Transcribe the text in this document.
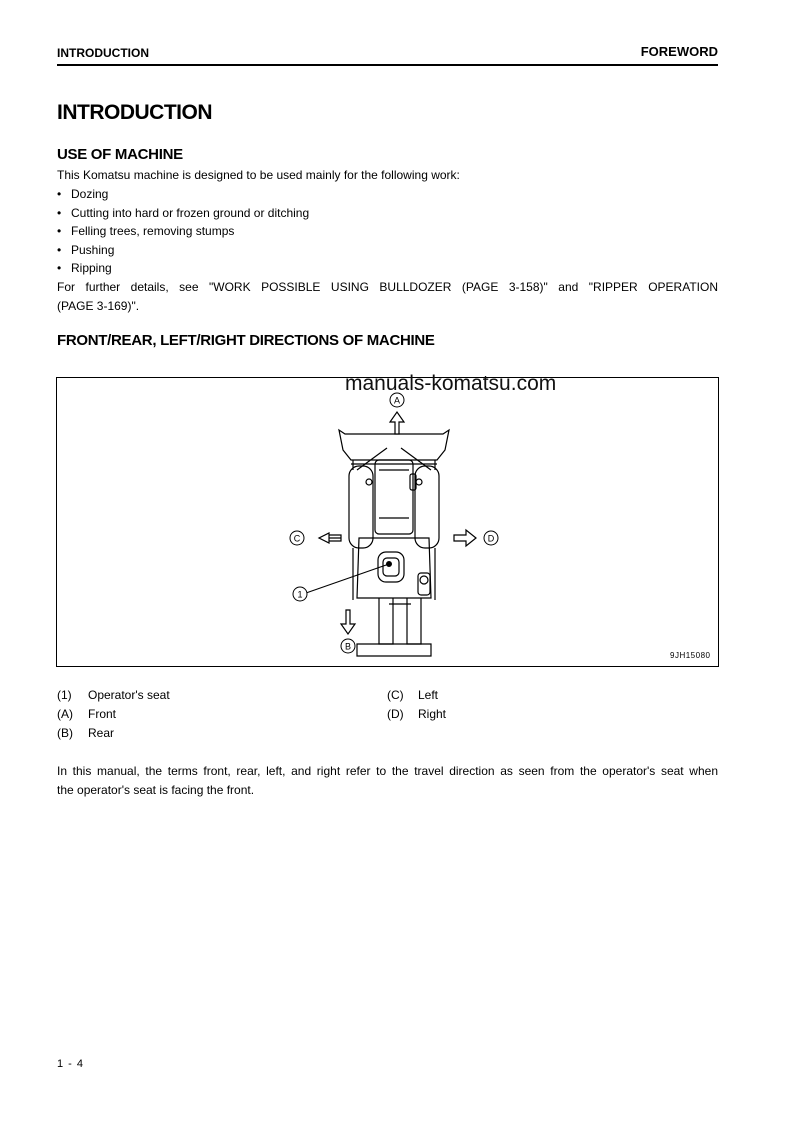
INTRODUCTION	FOREWORD
INTRODUCTION
USE OF MACHINE
This Komatsu machine is designed to be used mainly for the following work:
• Dozing
• Cutting into hard or frozen ground or ditching
• Felling trees, removing stumps
• Pushing
• Ripping
For further details, see "WORK POSSIBLE USING BULLDOZER (PAGE 3-158)" and "RIPPER OPERATION
(PAGE 3-169)".
FRONT/REAR, LEFT/RIGHT DIRECTIONS OF MACHINE
A
C	D
1
B
manuals-komatsu.com
9JH15080
(1) Operator's seat
(A) Front
(B) Rear
(C) Left
(D) Right
In this manual, the terms front, rear, left, and right refer to the travel direction as seen from the operator's seat when
the operator's seat is facing the front.
1 - 4
